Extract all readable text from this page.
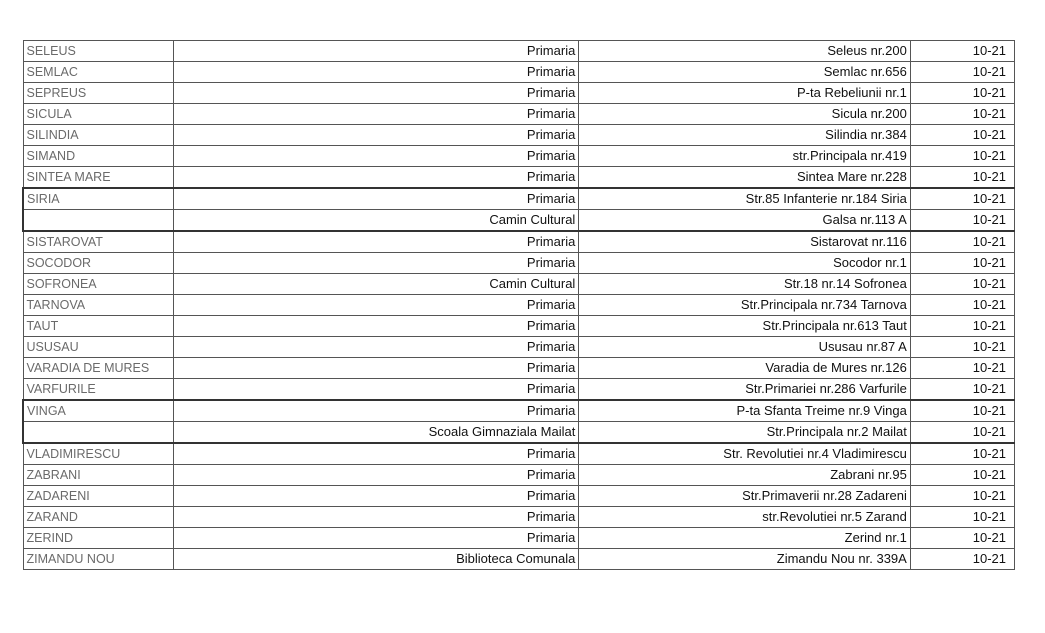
SELEUS	Primaria	Seleus nr.200	10-21
SEMLAC	Primaria	Semlac nr.656	10-21
SEPREUS	Primaria	P-ta Rebeliunii nr.1	10-21
SICULA	Primaria	Sicula nr.200	10-21
SILINDIA	Primaria	Silindia nr.384	10-21
SIMAND	Primaria	str.Principala nr.419	10-21
SINTEA MARE	Primaria	Sintea Mare nr.228	10-21
SIRIA	Primaria	Str.85 Infanterie nr.184 Siria	10-21
	Camin Cultural	Galsa nr.113 A	10-21
SISTAROVAT	Primaria	Sistarovat nr.116	10-21
SOCODOR	Primaria	Socodor nr.1	10-21
SOFRONEA	Camin Cultural	Str.18 nr.14 Sofronea	10-21
TARNOVA	Primaria	Str.Principala nr.734 Tarnova	10-21
TAUT	Primaria	Str.Principala nr.613 Taut	10-21
USUSAU	Primaria	Ususau nr.87 A	10-21
VARADIA DE MURES	Primaria	Varadia de Mures nr.126	10-21
VARFURILE	Primaria	Str.Primariei nr.286 Varfurile	10-21
VINGA	Primaria	P-ta Sfanta Treime nr.9 Vinga	10-21
	Scoala Gimnaziala Mailat	Str.Principala nr.2 Mailat	10-21
VLADIMIRESCU	Primaria	Str. Revolutiei nr.4 Vladimirescu	10-21
ZABRANI	Primaria	Zabrani nr.95	10-21
ZADARENI	Primaria	Str.Primaverii nr.28 Zadareni	10-21
ZARAND	Primaria	str.Revolutiei nr.5 Zarand	10-21
ZERIND	Primaria	Zerind nr.1	10-21
ZIMANDU NOU	Biblioteca Comunala	Zimandu Nou nr. 339A	10-21
